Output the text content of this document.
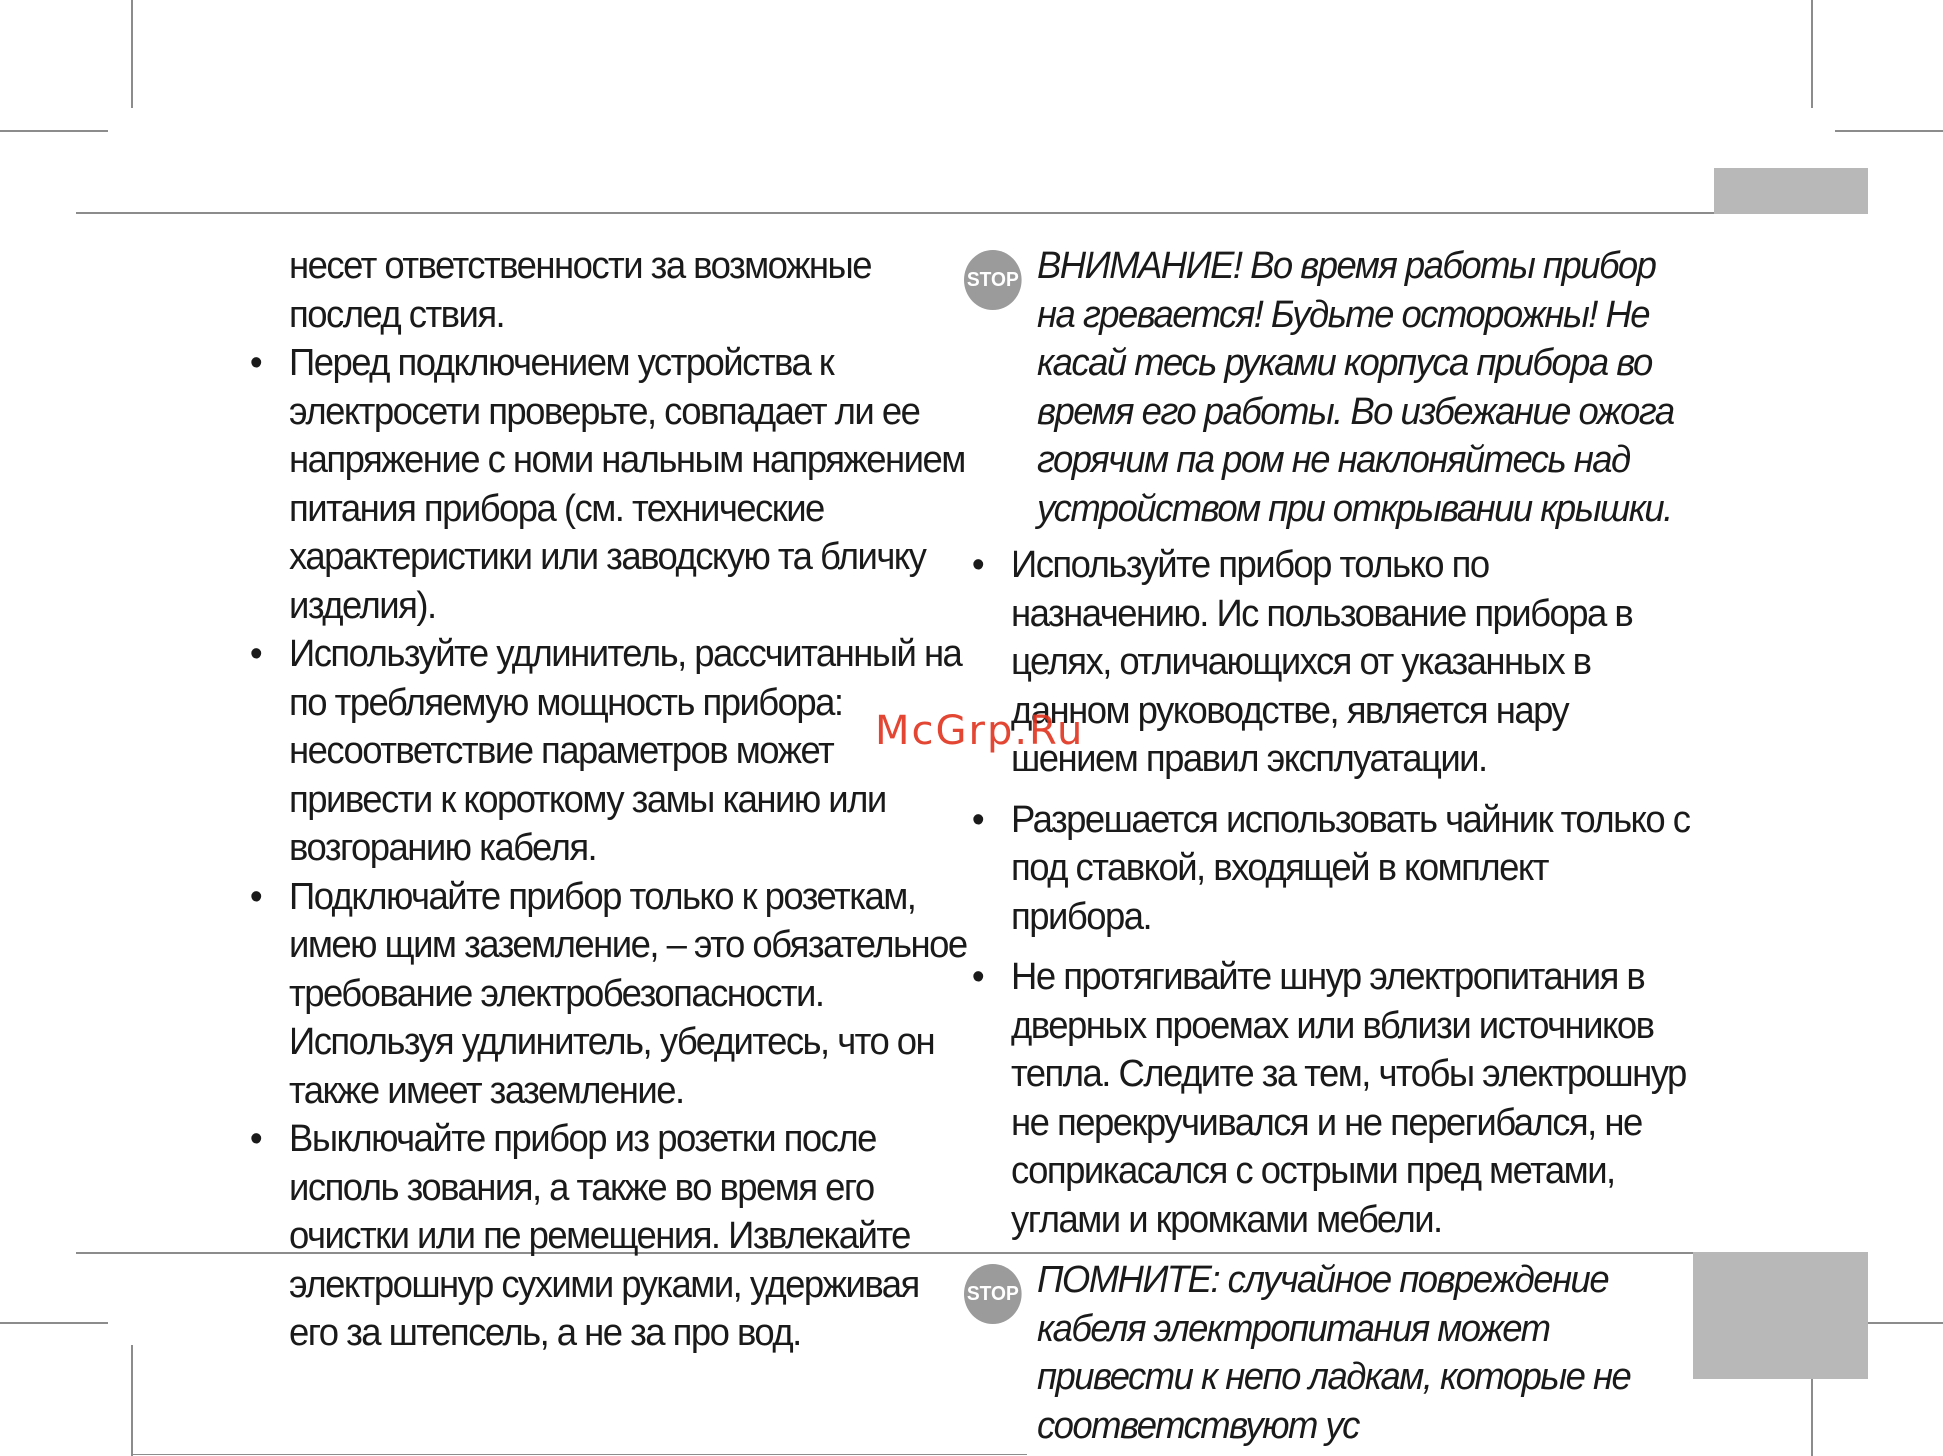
несет ответственности за возможные послед ствия.

• Перед подключением устройства к электросети проверьте, совпадает ли ее напряжение с номи нальным напряжением питания прибора (см. технические характеристики или заводскую та бличку изделия).

• Используйте удлинитель, рассчитанный на по требляемую мощность прибора: несоответствие параметров может привести к короткому замы канию или возгоранию кабеля.

• Подключайте прибор только к розеткам, имею щим заземление, – это обязательное требование электробезопасности. Используя удлинитель, убедитесь, что он также имеет заземление.

• Выключайте прибор из розетки после исполь зования, а также во время его очистки или пе ремещения. Извлекайте электрошнур сухими руками, удерживая его за штепсель, а не за про вод.

STOP ВНИМАНИЕ! Во время работы прибор на гревается! Будьте осторожны! Не касай тесь руками корпуса прибора во время его работы. Во избежание ожога горячим па ром не наклоняйтесь над устройством при открывании крышки.

• Используйте прибор только по назначению. Ис пользование прибора в целях, отличающихся от указанных в данном руководстве, является нару шением правил эксплуатации.

• Разрешается использовать чайник только с под ставкой, входящей в комплект прибора.

• Не протягивайте шнур электропитания в дверных проемах или вблизи источников тепла. Следите за тем, чтобы электрошнур не перекручивался и не перегибался, не соприкасался с острыми пред метами, углами и кромками мебели.

STOP ПОМНИТЕ: случайное повреждение кабеля электропитания может привести к непо ладкам, которые не соответствуют ус

McGrp.Ru
